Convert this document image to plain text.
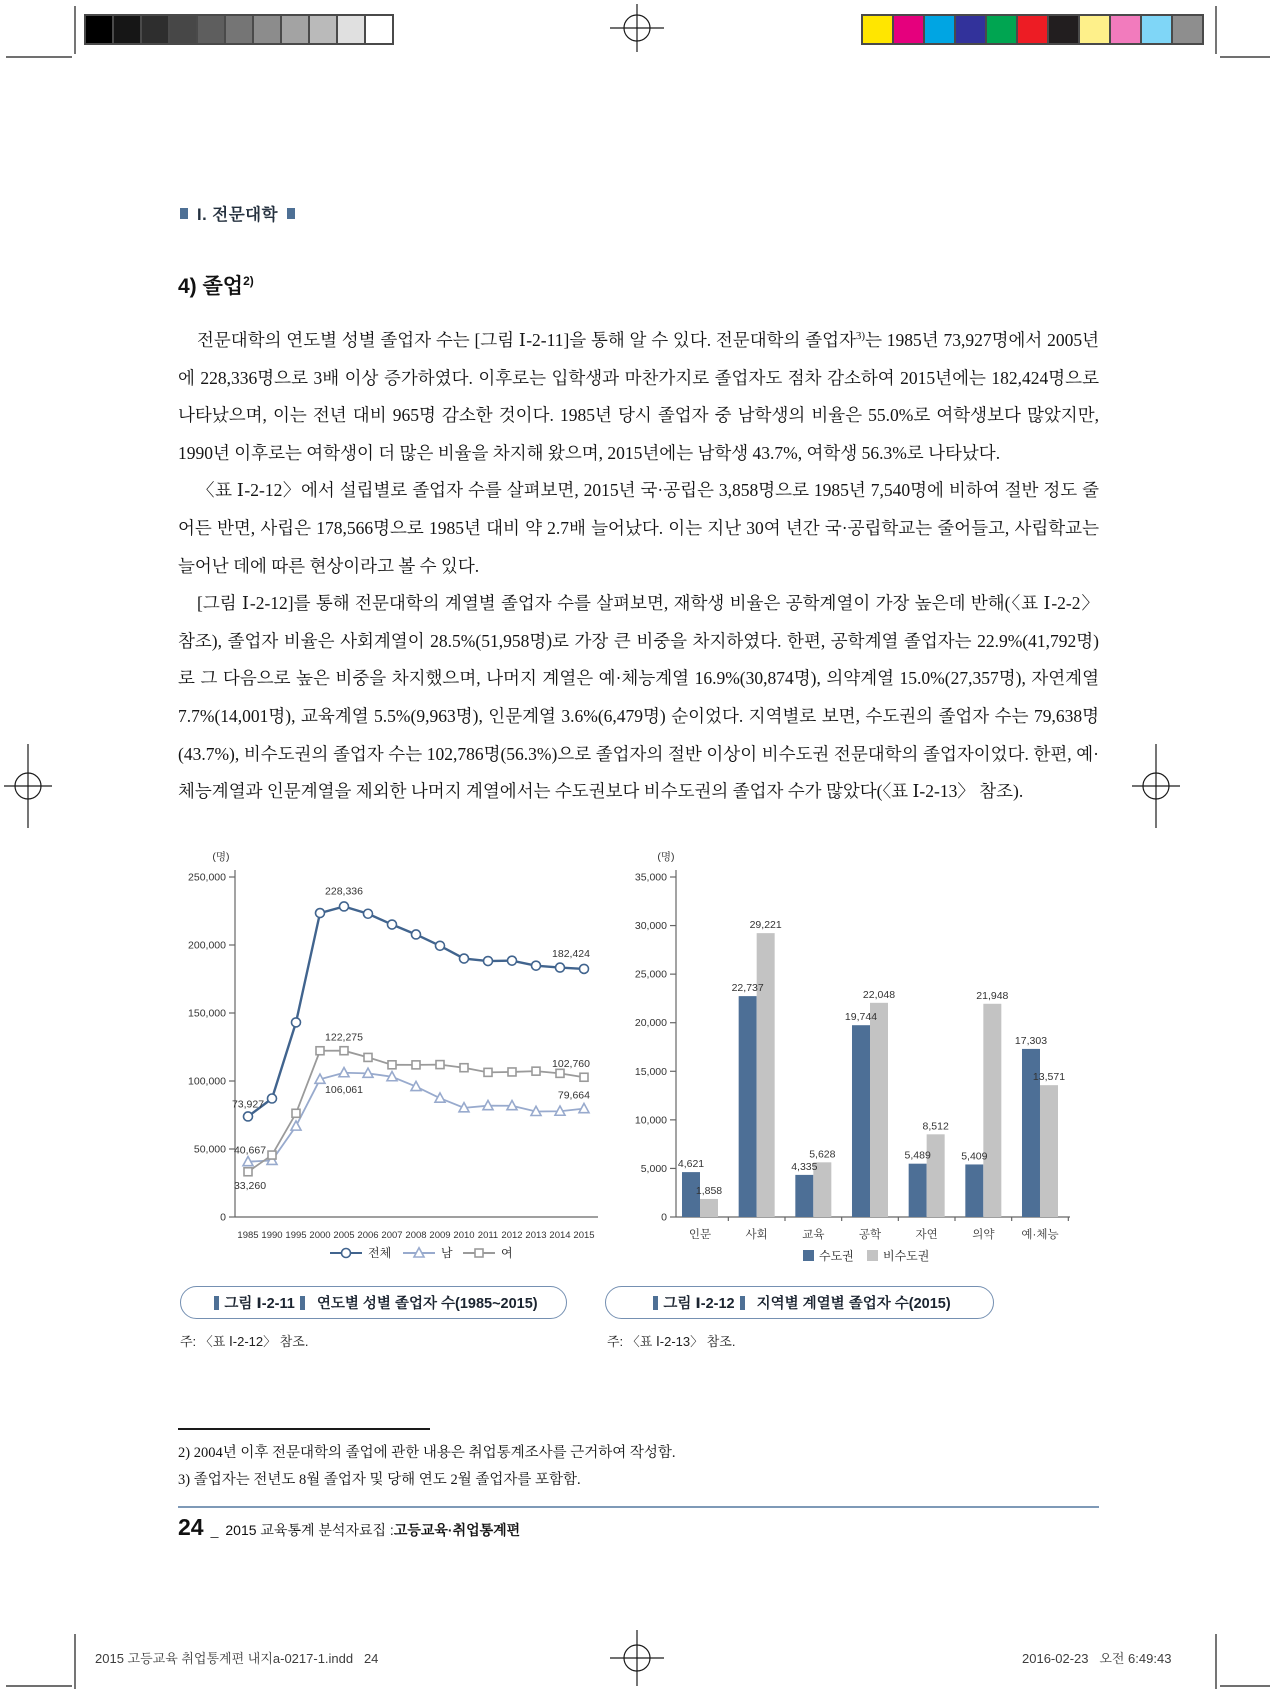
I. 전문대학
4) 졸업$^{2)}$

전문대학의 연도별 성별 졸업자 수는 [그림 Ⅰ-2-11]을 통해 알 수 있다. 전문대학의 졸업자$^{3)}$는 1985년 73,927명에서 2005년에 228,336명으로 3배 이상 증가하였다. 이후로는 입학생과 마찬가지로 졸업자도 점차 감소하여 2015년에는 182,424명으로 나타났으며, 이는 전년 대비 965명 감소한 것이다. 1985년 당시 졸업자 중 남학생의 비율은 55.0%로 여학생보다 많았지만, 1990년 이후로는 여학생이 더 많은 비율을 차지해 왔으며, 2015년에는 남학생 43.7%, 여학생 56.3%로 나타났다.

〈표 Ⅰ-2-12〉에서 설립별로 졸업자 수를 살펴보면, 2015년 국·공립은 3,858명으로 1985년 7,540명에 비하여 절반 정도 줄어든 반면, 사립은 178,566명으로 1985년 대비 약 2.7배 늘어났다. 이는 지난 30여 년간 국·공립학교는 줄어들고, 사립학교는 늘어난 데에 따른 현상이라고 볼 수 있다.

[그림 Ⅰ-2-12]를 통해 전문대학의 계열별 졸업자 수를 살펴보면, 재학생 비율은 공학계열이 가장 높은데 반해(〈표 Ⅰ-2-2〉 참조), 졸업자 비율은 사회계열이 28.5%(51,958명)로 가장 큰 비중을 차지하였다. 한편, 공학계열 졸업자는 22.9%(41,792명)로 그 다음으로 높은 비중을 차지했으며, 나머지 계열은 예·체능계열 16.9%(30,874명), 의약계열 15.0%(27,357명), 자연계열 7.7%(14,001명), 교육계열 5.5%(9,963명), 인문계열 3.6%(6,479명) 순이었다. 지역별로 보면, 수도권의 졸업자 수는 79,638명(43.7%), 비수도권의 졸업자 수는 102,786명(56.3%)으로 졸업자의 절반 이상이 비수도권 전문대학의 졸업자이었다. 한편, 예·체능계열과 인문계열을 제외한 나머지 계열에서는 수도권보다 비수도권의 졸업자 수가 많았다(〈표 Ⅰ-2-13〉 참조).

(명)
0
50,000
100,000
150,000
200,000
250,000
1985 1990 1995 2000 2005 2006 2007 2008 2009 2010 2011 2012 2013 2014 2015
73,927
40,667
33,260
228,336
122,275
106,061
182,424
102,760
79,664
전체	남	여
그림 Ⅰ-2-11 연도별 성별 졸업자 수(1985~2015)
주: 〈표 Ⅰ-2-12〉 참조.
(명)
0
5,000
10,000
15,000
20,000
25,000
30,000
35,000
인문	사회	교육	공학	자연	의약 예·체능
4,621
22,737
4,335
19,744
5,489	5,409
17,303
1,858
29,221
5,628
22,048
8,512
21,948
13,571
수도권 비수도권
그림 Ⅰ-2-12 지역별 계열별 졸업자 수(2015)
주: 〈표 Ⅰ-2-13〉 참조.
2) 2004년 이후 전문대학의 졸업에 관한 내용은 취업통계조사를 근거하여 작성함.
3) 졸업자는 전년도 8월 졸업자 및 당해 연도 2월 졸업자를 포함함.
24 _ 2015 교육통계 분석자료집 : 고등교육·취업통계편
2015 고등교육 취업통계편 내지a-0217-1.indd   24	2016-02-23   오전 6:49:43
